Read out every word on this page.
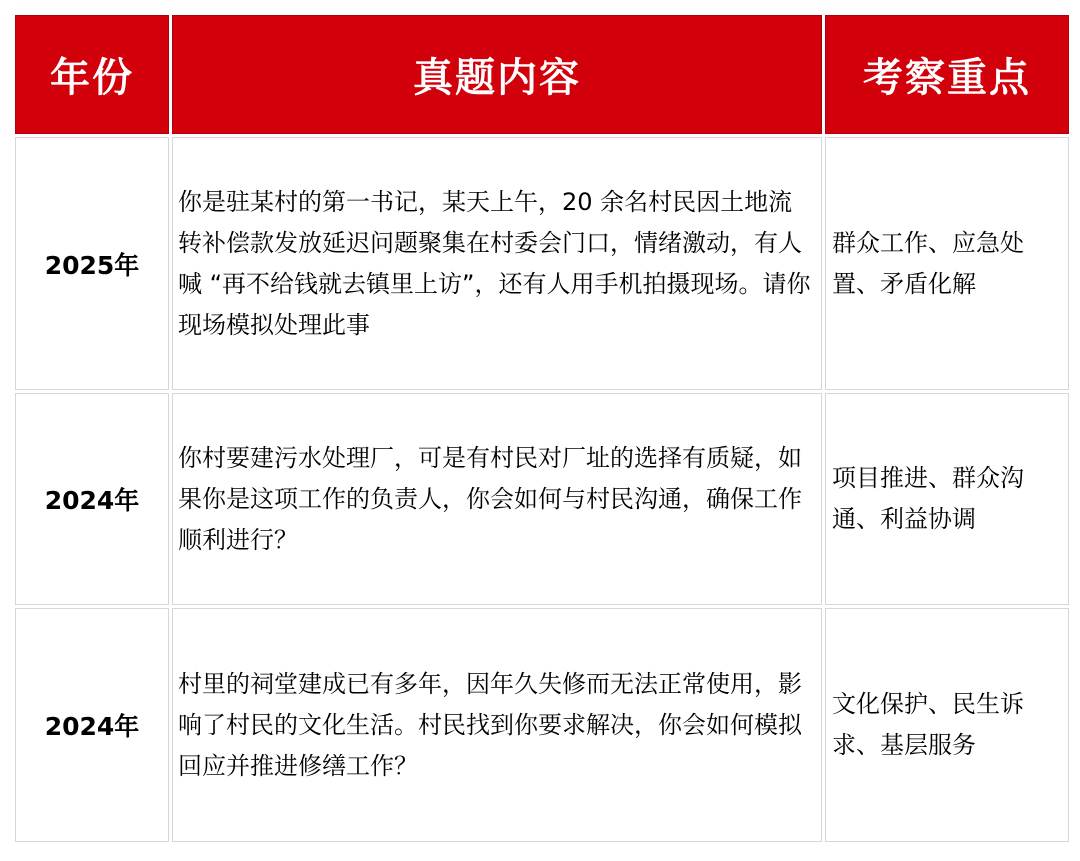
年份	真题内容	考察重点
2025年	你是驻某村的第一书记，某天上午，20 余名村民因土地流转补偿款发放延迟问题聚集在村委会门口，情绪激动，有人喊 “再不给钱就去镇里上访”，还有人用手机拍摄现场。请你现场模拟处理此事	群众工作、应急处置、矛盾化解
2024年	你村要建污水处理厂，可是有村民对厂址的选择有质疑，如果你是这项工作的负责人，你会如何与村民沟通，确保工作顺利进行？	项目推进、群众沟通、利益协调
2024年	村里的祠堂建成已有多年，因年久失修而无法正常使用，影响了村民的文化生活。村民找到你要求解决，你会如何模拟回应并推进修缮工作？	文化保护、民生诉求、基层服务
